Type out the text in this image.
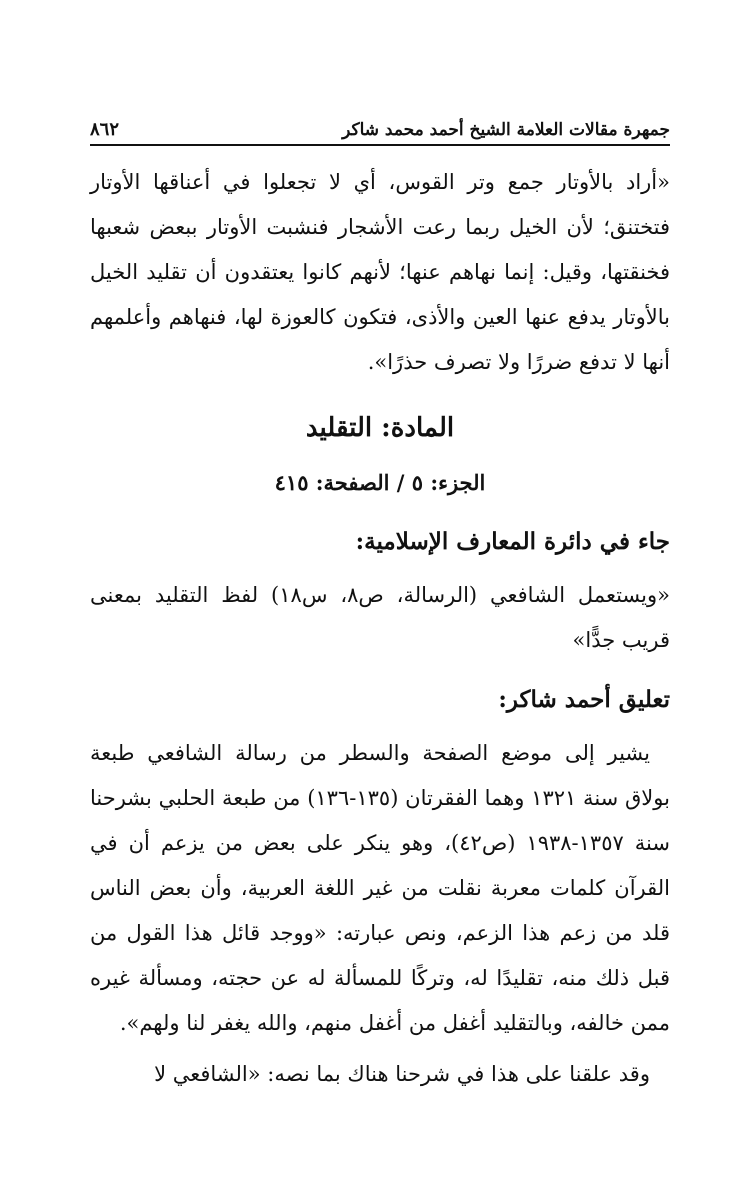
جمهرة مقالات العلامة الشيخ أحمد محمد شاكر
٨٦٢

«أراد بالأوتار جمع وتر القوس، أي لا تجعلوا في أعناقها الأوتار فتختنق؛ لأن الخيل ربما رعت الأشجار فنشبت الأوتار ببعض شعبها فخنقتها، وقيل: إنما نهاهم عنها؛ لأنهم كانوا يعتقدون أن تقليد الخيل بالأوتار يدفع عنها العين والأذى، فتكون كالعوزة لها، فنهاهم وأعلمهم أنها لا تدفع ضررًا ولا تصرف حذرًا».

المادة: التقليد
الجزء: ٥ / الصفحة: ٤١٥
جاء في دائرة المعارف الإسلامية:

«ويستعمل الشافعي (الرسالة، ص٨، س١٨) لفظ التقليد بمعنى قريب جدًّا»

تعليق أحمد شاكر:

يشير إلى موضع الصفحة والسطر من رسالة الشافعي طبعة بولاق سنة ١٣٢١ وهما الفقرتان (١٣٥-١٣٦) من طبعة الحلبي بشرحنا سنة ١٣٥٧-١٩٣٨ (ص٤٢)، وهو ينكر على بعض من يزعم أن في القرآن كلمات معربة نقلت من غير اللغة العربية، وأن بعض الناس قلد من زعم هذا الزعم، ونص عبارته: «ووجد قائل هذا القول من قبل ذلك منه، تقليدًا له، وتركًا للمسألة له عن حجته، ومسألة غيره ممن خالفه، وبالتقليد أغفل من أغفل منهم، والله يغفر لنا ولهم».

وقد علقنا على هذا في شرحنا هناك بما نصه: «الشافعي لا
